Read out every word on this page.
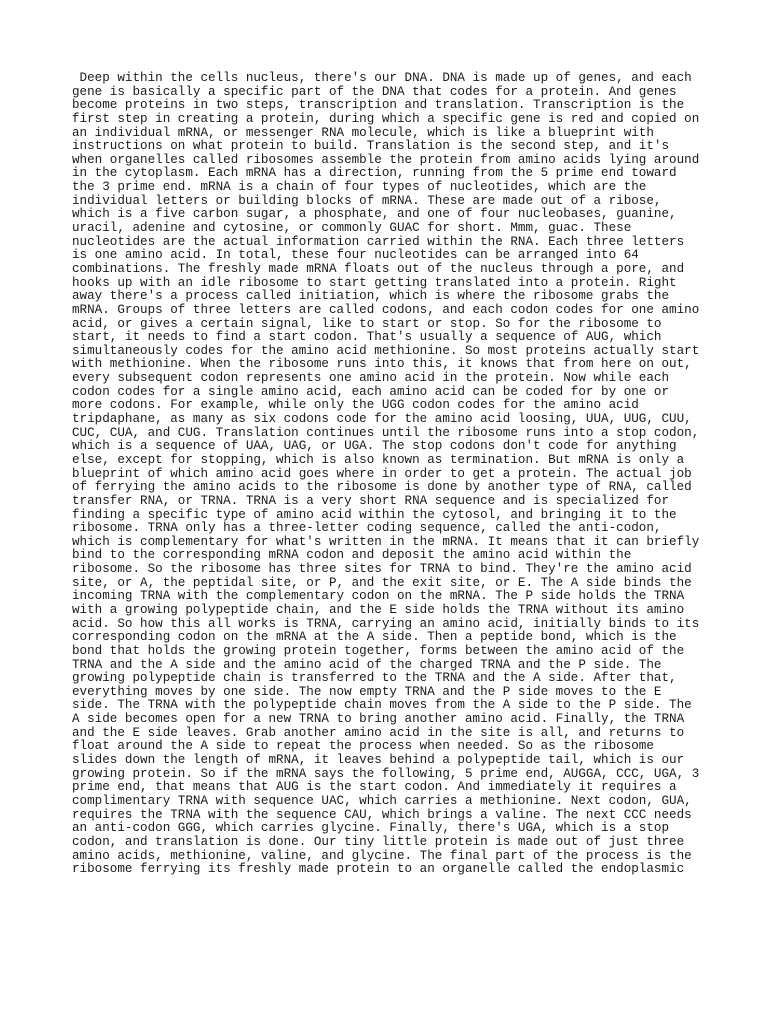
Deep within the cells nucleus, there's our DNA. DNA is made up of genes, and each
gene is basically a specific part of the DNA that codes for a protein. And genes
become proteins in two steps, transcription and translation. Transcription is the
first step in creating a protein, during which a specific gene is red and copied on
an individual mRNA, or messenger RNA molecule, which is like a blueprint with
instructions on what protein to build. Translation is the second step, and it's
when organelles called ribosomes assemble the protein from amino acids lying around
in the cytoplasm. Each mRNA has a direction, running from the 5 prime end toward
the 3 prime end. mRNA is a chain of four types of nucleotides, which are the
individual letters or building blocks of mRNA. These are made out of a ribose,
which is a five carbon sugar, a phosphate, and one of four nucleobases, guanine,
uracil, adenine and cytosine, or commonly GUAC for short. Mmm, guac. These
nucleotides are the actual information carried within the RNA. Each three letters
is one amino acid. In total, these four nucleotides can be arranged into 64
combinations. The freshly made mRNA floats out of the nucleus through a pore, and
hooks up with an idle ribosome to start getting translated into a protein. Right
away there's a process called initiation, which is where the ribosome grabs the
mRNA. Groups of three letters are called codons, and each codon codes for one amino
acid, or gives a certain signal, like to start or stop. So for the ribosome to
start, it needs to find a start codon. That's usually a sequence of AUG, which
simultaneously codes for the amino acid methionine. So most proteins actually start
with methionine. When the ribosome runs into this, it knows that from here on out,
every subsequent codon represents one amino acid in the protein. Now while each
codon codes for a single amino acid, each amino acid can be coded for by one or
more codons. For example, while only the UGG codon codes for the amino acid
tripdaphane, as many as six codons code for the amino acid loosing, UUA, UUG, CUU,
CUC, CUA, and CUG. Translation continues until the ribosome runs into a stop codon,
which is a sequence of UAA, UAG, or UGA. The stop codons don't code for anything
else, except for stopping, which is also known as termination. But mRNA is only a
blueprint of which amino acid goes where in order to get a protein. The actual job
of ferrying the amino acids to the ribosome is done by another type of RNA, called
transfer RNA, or TRNA. TRNA is a very short RNA sequence and is specialized for
finding a specific type of amino acid within the cytosol, and bringing it to the
ribosome. TRNA only has a three-letter coding sequence, called the anti-codon,
which is complementary for what's written in the mRNA. It means that it can briefly
bind to the corresponding mRNA codon and deposit the amino acid within the
ribosome. So the ribosome has three sites for TRNA to bind. They're the amino acid
site, or A, the peptidal site, or P, and the exit site, or E. The A side binds the
incoming TRNA with the complementary codon on the mRNA. The P side holds the TRNA
with a growing polypeptide chain, and the E side holds the TRNA without its amino
acid. So how this all works is TRNA, carrying an amino acid, initially binds to its
corresponding codon on the mRNA at the A side. Then a peptide bond, which is the
bond that holds the growing protein together, forms between the amino acid of the
TRNA and the A side and the amino acid of the charged TRNA and the P side. The
growing polypeptide chain is transferred to the TRNA and the A side. After that,
everything moves by one side. The now empty TRNA and the P side moves to the E
side. The TRNA with the polypeptide chain moves from the A side to the P side. The
A side becomes open for a new TRNA to bring another amino acid. Finally, the TRNA
and the E side leaves. Grab another amino acid in the site is all, and returns to
float around the A side to repeat the process when needed. So as the ribosome
slides down the length of mRNA, it leaves behind a polypeptide tail, which is our
growing protein. So if the mRNA says the following, 5 prime end, AUGGA, CCC, UGA, 3
prime end, that means that AUG is the start codon. And immediately it requires a
complimentary TRNA with sequence UAC, which carries a methionine. Next codon, GUA,
requires the TRNA with the sequence CAU, which brings a valine. The next CCC needs
an anti-codon GGG, which carries glycine. Finally, there's UGA, which is a stop
codon, and translation is done. Our tiny little protein is made out of just three
amino acids, methionine, valine, and glycine. The final part of the process is the
ribosome ferrying its freshly made protein to an organelle called the endoplasmic
